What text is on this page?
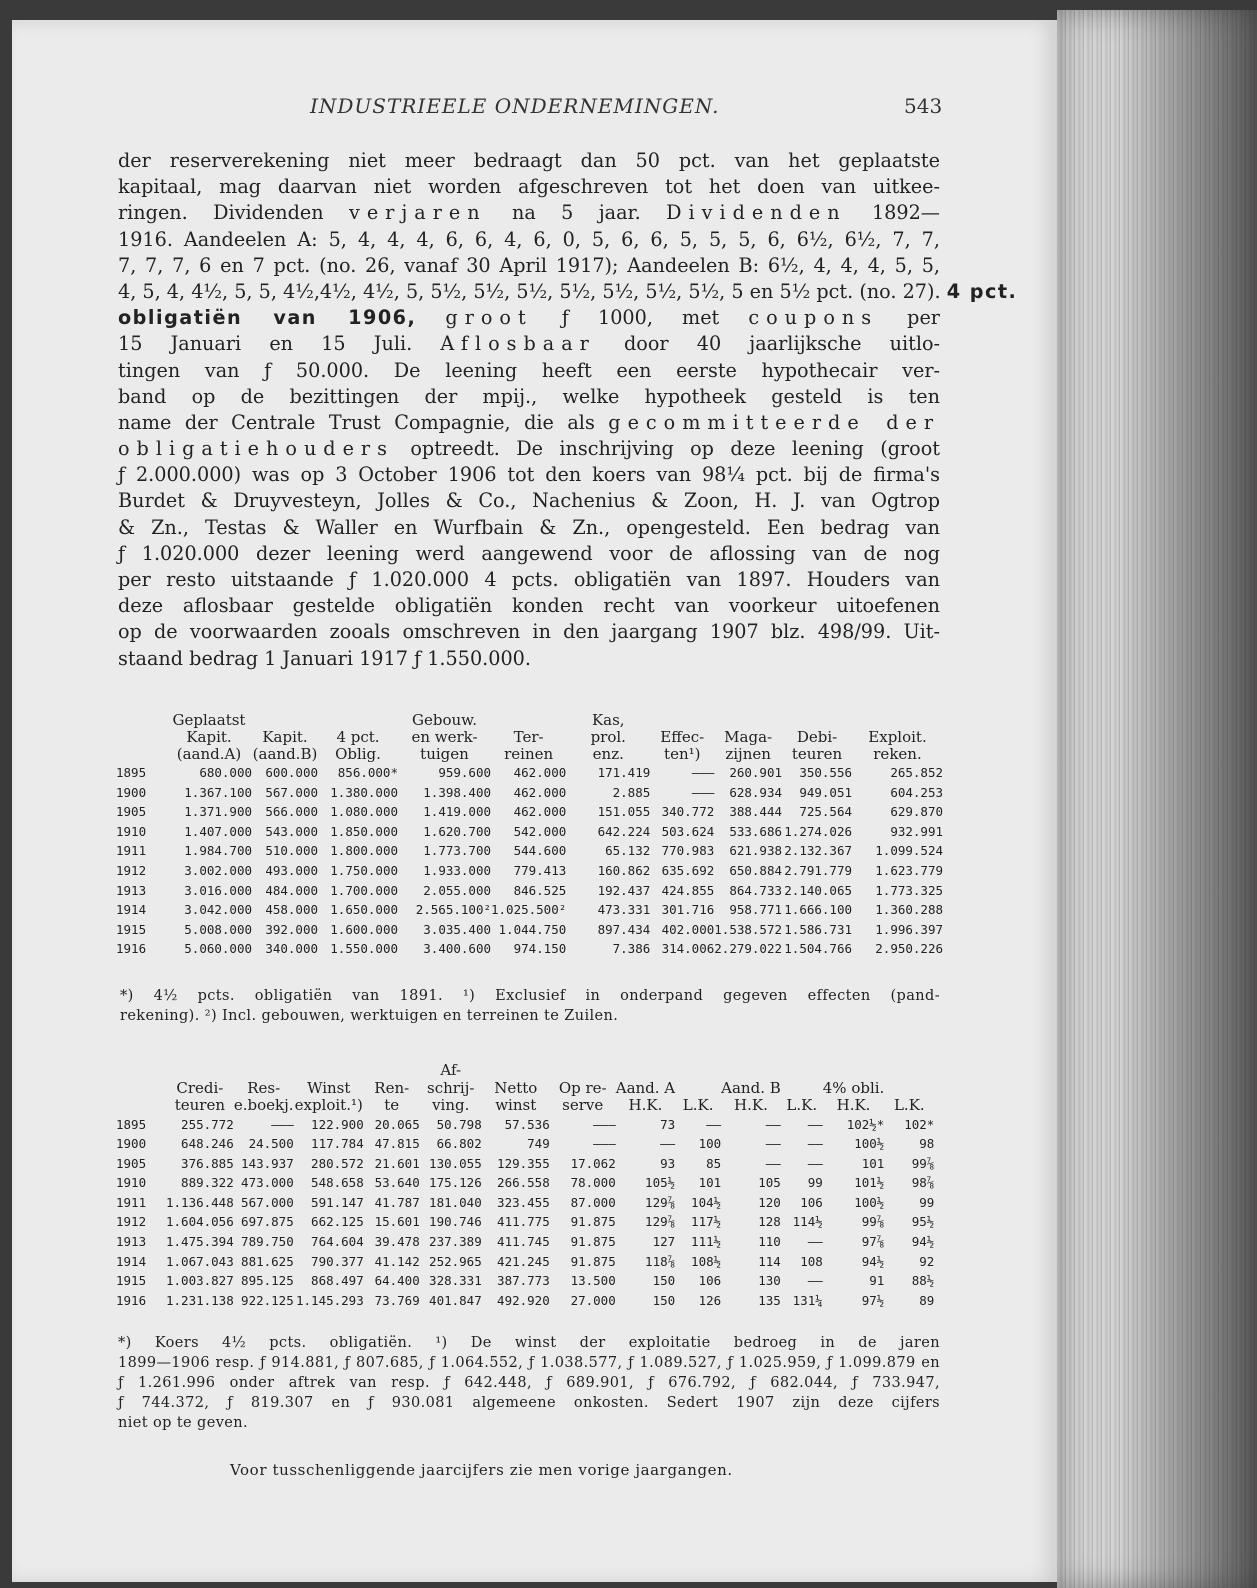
INDUSTRIEELE ONDERNEMINGEN.	543
der reserverekening niet meer bedraagt dan 50 pct. van het geplaatste
kapitaal, mag daarvan niet worden afgeschreven tot het doen van uitkee-
ringen. Dividenden verjaren na 5 jaar. Dividenden 1892—
1916. Aandeelen A: 5, 4, 4, 4, 6, 6, 4, 6, 0, 5, 6, 6, 5, 5, 5, 6, 6½, 6½, 7, 7,
7, 7, 7, 6 en 7 pct. (no. 26, vanaf 30 April 1917); Aandeelen B: 6½, 4, 4, 4, 5, 5,
4, 5, 4, 4½, 5, 5, 4½,4½, 4½, 5, 5½, 5½, 5½, 5½, 5½, 5½, 5½, 5 en 5½ pct. (no. 27). 4 pct.
obligatiën van 1906, groot ƒ 1000, met coupons per
15 Januari en 15 Juli. Aflosbaar door 40 jaarlijksche uitlo-
tingen van ƒ 50.000. De leening heeft een eerste hypothecair ver-
band op de bezittingen der mpij., welke hypotheek gesteld is ten
name der Centrale Trust Compagnie, die als gecommitteerde der
obligatiehouders optreedt. De inschrijving op deze leening (groot
ƒ 2.000.000) was op 3 October 1906 tot den koers van 98¼ pct. bij de firma's
Burdet & Druyvesteyn, Jolles & Co., Nachenius & Zoon, H. J. van Ogtrop
& Zn., Testas & Waller en Wurfbain & Zn., opengesteld. Een bedrag van
ƒ 1.020.000 dezer leening werd aangewend voor de aflossing van de nog
per resto uitstaande ƒ 1.020.000 4 pcts. obligatiën van 1897. Houders van
deze aflosbaar gestelde obligatiën konden recht van voorkeur uitoefenen
op de voorwaarden zooals omschreven in den jaargang 1907 blz. 498/99. Uit-
staand bedrag 1 Januari 1917 ƒ 1.550.000.
	Geplaatst			Gebouw.		Kas,				
	Kapit.	Kapit.	4 pct.	en werk-	Ter-	prol.	Effec-	Maga-	Debi-	Exploit.
	(aand.A)	(aand.B)	Oblig.	tuigen	reinen	enz.	ten¹)	zijnen	teuren	reken.
1895	680.000	600.000	856.000*	959.600	462.000	171.419	———	260.901	350.556	265.852
1900	1.367.100	567.000	1.380.000	1.398.400	462.000	2.885	———	628.934	949.051	604.253
1905	1.371.900	566.000	1.080.000	1.419.000	462.000	151.055	340.772	388.444	725.564	629.870
1910	1.407.000	543.000	1.850.000	1.620.700	542.000	642.224	503.624	533.686	1.274.026	932.991
1911	1.984.700	510.000	1.800.000	1.773.700	544.600	65.132	770.983	621.938	2.132.367	1.099.524
1912	3.002.000	493.000	1.750.000	1.933.000	779.413	160.862	635.692	650.884	2.791.779	1.623.779
1913	3.016.000	484.000	1.700.000	2.055.000	846.525	192.437	424.855	864.733	2.140.065	1.773.325
1914	3.042.000	458.000	1.650.000	2.565.100²	1.025.500²	473.331	301.716	958.771	1.666.100	1.360.288
1915	5.008.000	392.000	1.600.000	3.035.400	1.044.750	897.434	402.000	1.538.572	1.586.731	1.996.397
1916	5.060.000	340.000	1.550.000	3.400.600	974.150	7.386	314.006	2.279.022	1.504.766	2.950.226
*) 4½ pcts. obligatiën van 1891. ¹) Exclusief in onderpand gegeven effecten (pand-
rekening). ²) Incl. gebouwen, werktuigen en terreinen te Zuilen.
					Af-								
	Credi-	Res-	Winst	Ren-	schrij-	Netto	Op re-	Aand. A		Aand. B		4% obli.	
	teuren	e.boekj.	exploit.¹)	te	ving.	winst	serve	H.K.	L.K.	H.K.	L.K.	H.K.	L.K.
1895	255.772	———	122.900	20.065	50.798	57.536	———	73	——	——	——	102½*	102*
1900	648.246	24.500	117.784	47.815	66.802	749	———	——	100	——	——	100½	98
1905	376.885	143.937	280.572	21.601	130.055	129.355	17.062	93	85	——	——	101	99⅞
1910	889.322	473.000	548.658	53.640	175.126	266.558	78.000	105½	101	105	99	101½	98⅞
1911	1.136.448	567.000	591.147	41.787	181.040	323.455	87.000	129⅞	104½	120	106	100½	99
1912	1.604.056	697.875	662.125	15.601	190.746	411.775	91.875	129⅞	117½	128	114½	99⅞	95½
1913	1.475.394	789.750	764.604	39.478	237.389	411.745	91.875	127	111½	110	——	97⅞	94½
1914	1.067.043	881.625	790.377	41.142	252.965	421.245	91.875	118⅞	108½	114	108	94½	92
1915	1.003.827	895.125	868.497	64.400	328.331	387.773	13.500	150	106	130	——	91	88½
1916	1.231.138	922.125	1.145.293	73.769	401.847	492.920	27.000	150	126	135	131¼	97½	89
*) Koers 4½ pcts. obligatiën. ¹) De winst der exploitatie bedroeg in de jaren
1899—1906 resp. ƒ 914.881, ƒ 807.685, ƒ 1.064.552, ƒ 1.038.577, ƒ 1.089.527, ƒ 1.025.959, ƒ 1.099.879 en
ƒ 1.261.996 onder aftrek van resp. ƒ 642.448, ƒ 689.901, ƒ 676.792, ƒ 682.044, ƒ 733.947,
ƒ 744.372, ƒ 819.307 en ƒ 930.081 algemeene onkosten. Sedert 1907 zijn deze cijfers
niet op te geven.
Voor tusschenliggende jaarcijfers zie men vorige jaargangen.
